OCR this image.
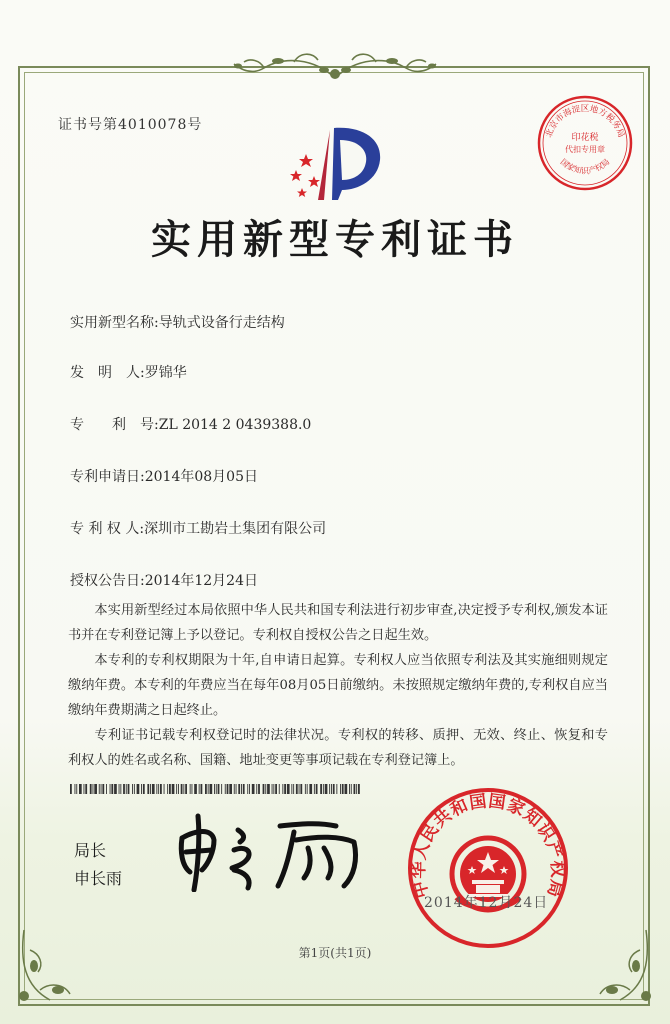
证书号第4010078号
实用新型专利证书
实用新型名称:导轨式设备行走结构
发　明　人:罗锦华
专　　利　号:ZL 2014 2 0439388.0
专利申请日:2014年08月05日
专 利 权 人:深圳市工勘岩土集团有限公司
授权公告日:2014年12月24日

本实用新型经过本局依照中华人民共和国专利法进行初步审查,决定授予专利权,颁发本证书并在专利登记簿上予以登记。专利权自授权公告之日起生效。

本专利的专利权期限为十年,自申请日起算。专利权人应当依照专利法及其实施细则规定缴纳年费。本专利的年费应当在每年08月05日前缴纳。未按照规定缴纳年费的,专利权自应当缴纳年费期满之日起终止。

专利证书记载专利权登记时的法律状况。专利权的转移、质押、无效、终止、恢复和专利权人的姓名或名称、国籍、地址变更等事项记载在专利登记簿上。

局长
申长雨
北京市海淀区地方税务局
印花税
代扣专用章
国家知识产权局
中华人民共和国国家知识产权局
2014年12月24日
第1页(共1页)
